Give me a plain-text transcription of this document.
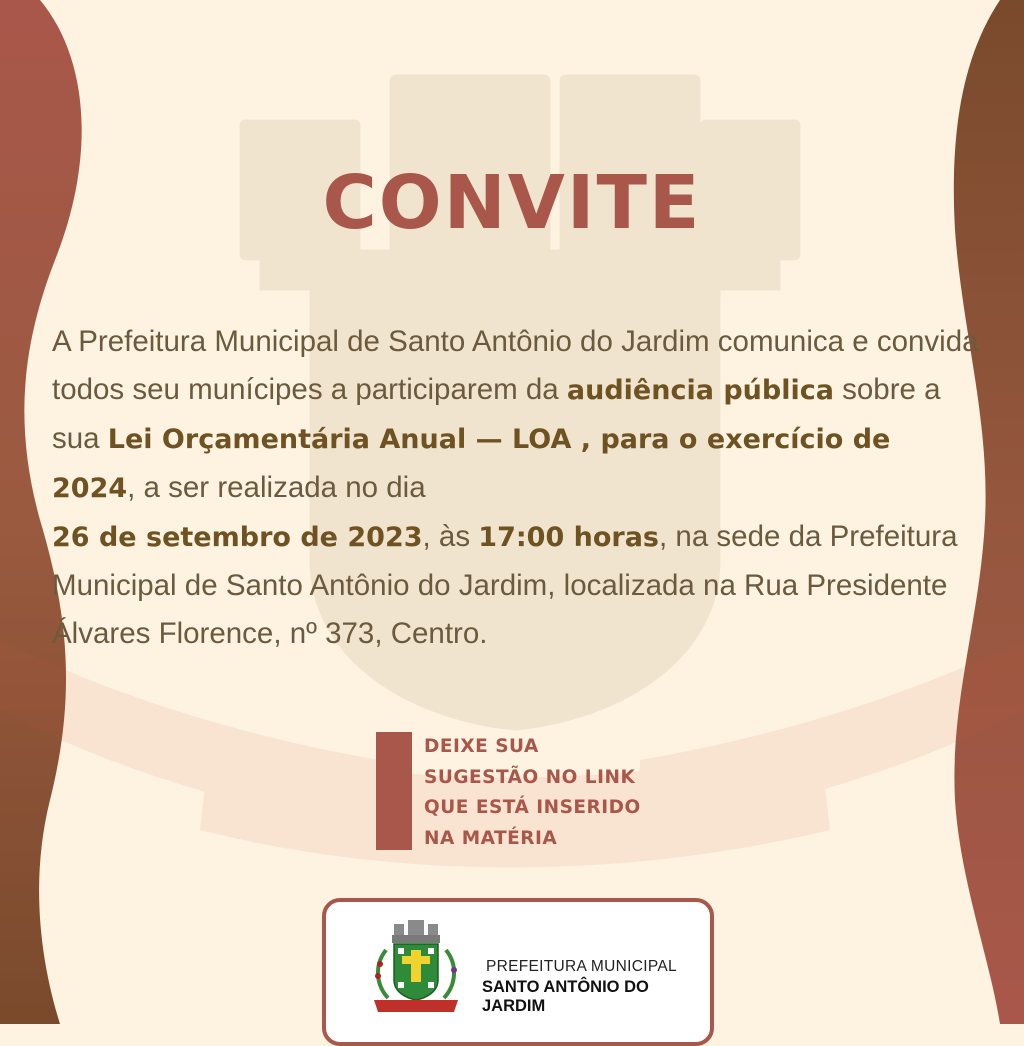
CONVITE
A Prefeitura Municipal de Santo Antônio do Jardim comunica e convida todos seu munícipes a participarem da audiência pública sobre a sua Lei Orçamentária Anual — LOA , para o exercício de 2024, a ser realizada no dia
26 de setembro de 2023, às 17:00 horas, na sede da Prefeitura Municipal de Santo Antônio do Jardim, localizada na Rua Presidente Álvares Florence, nº 373, Centro.
DEIXE SUA
SUGESTÃO NO LINK
QUE ESTÁ INSERIDO
NA MATÉRIA
PREFEITURA MUNICIPAL
SANTO ANTÔNIO DO JARDIM
